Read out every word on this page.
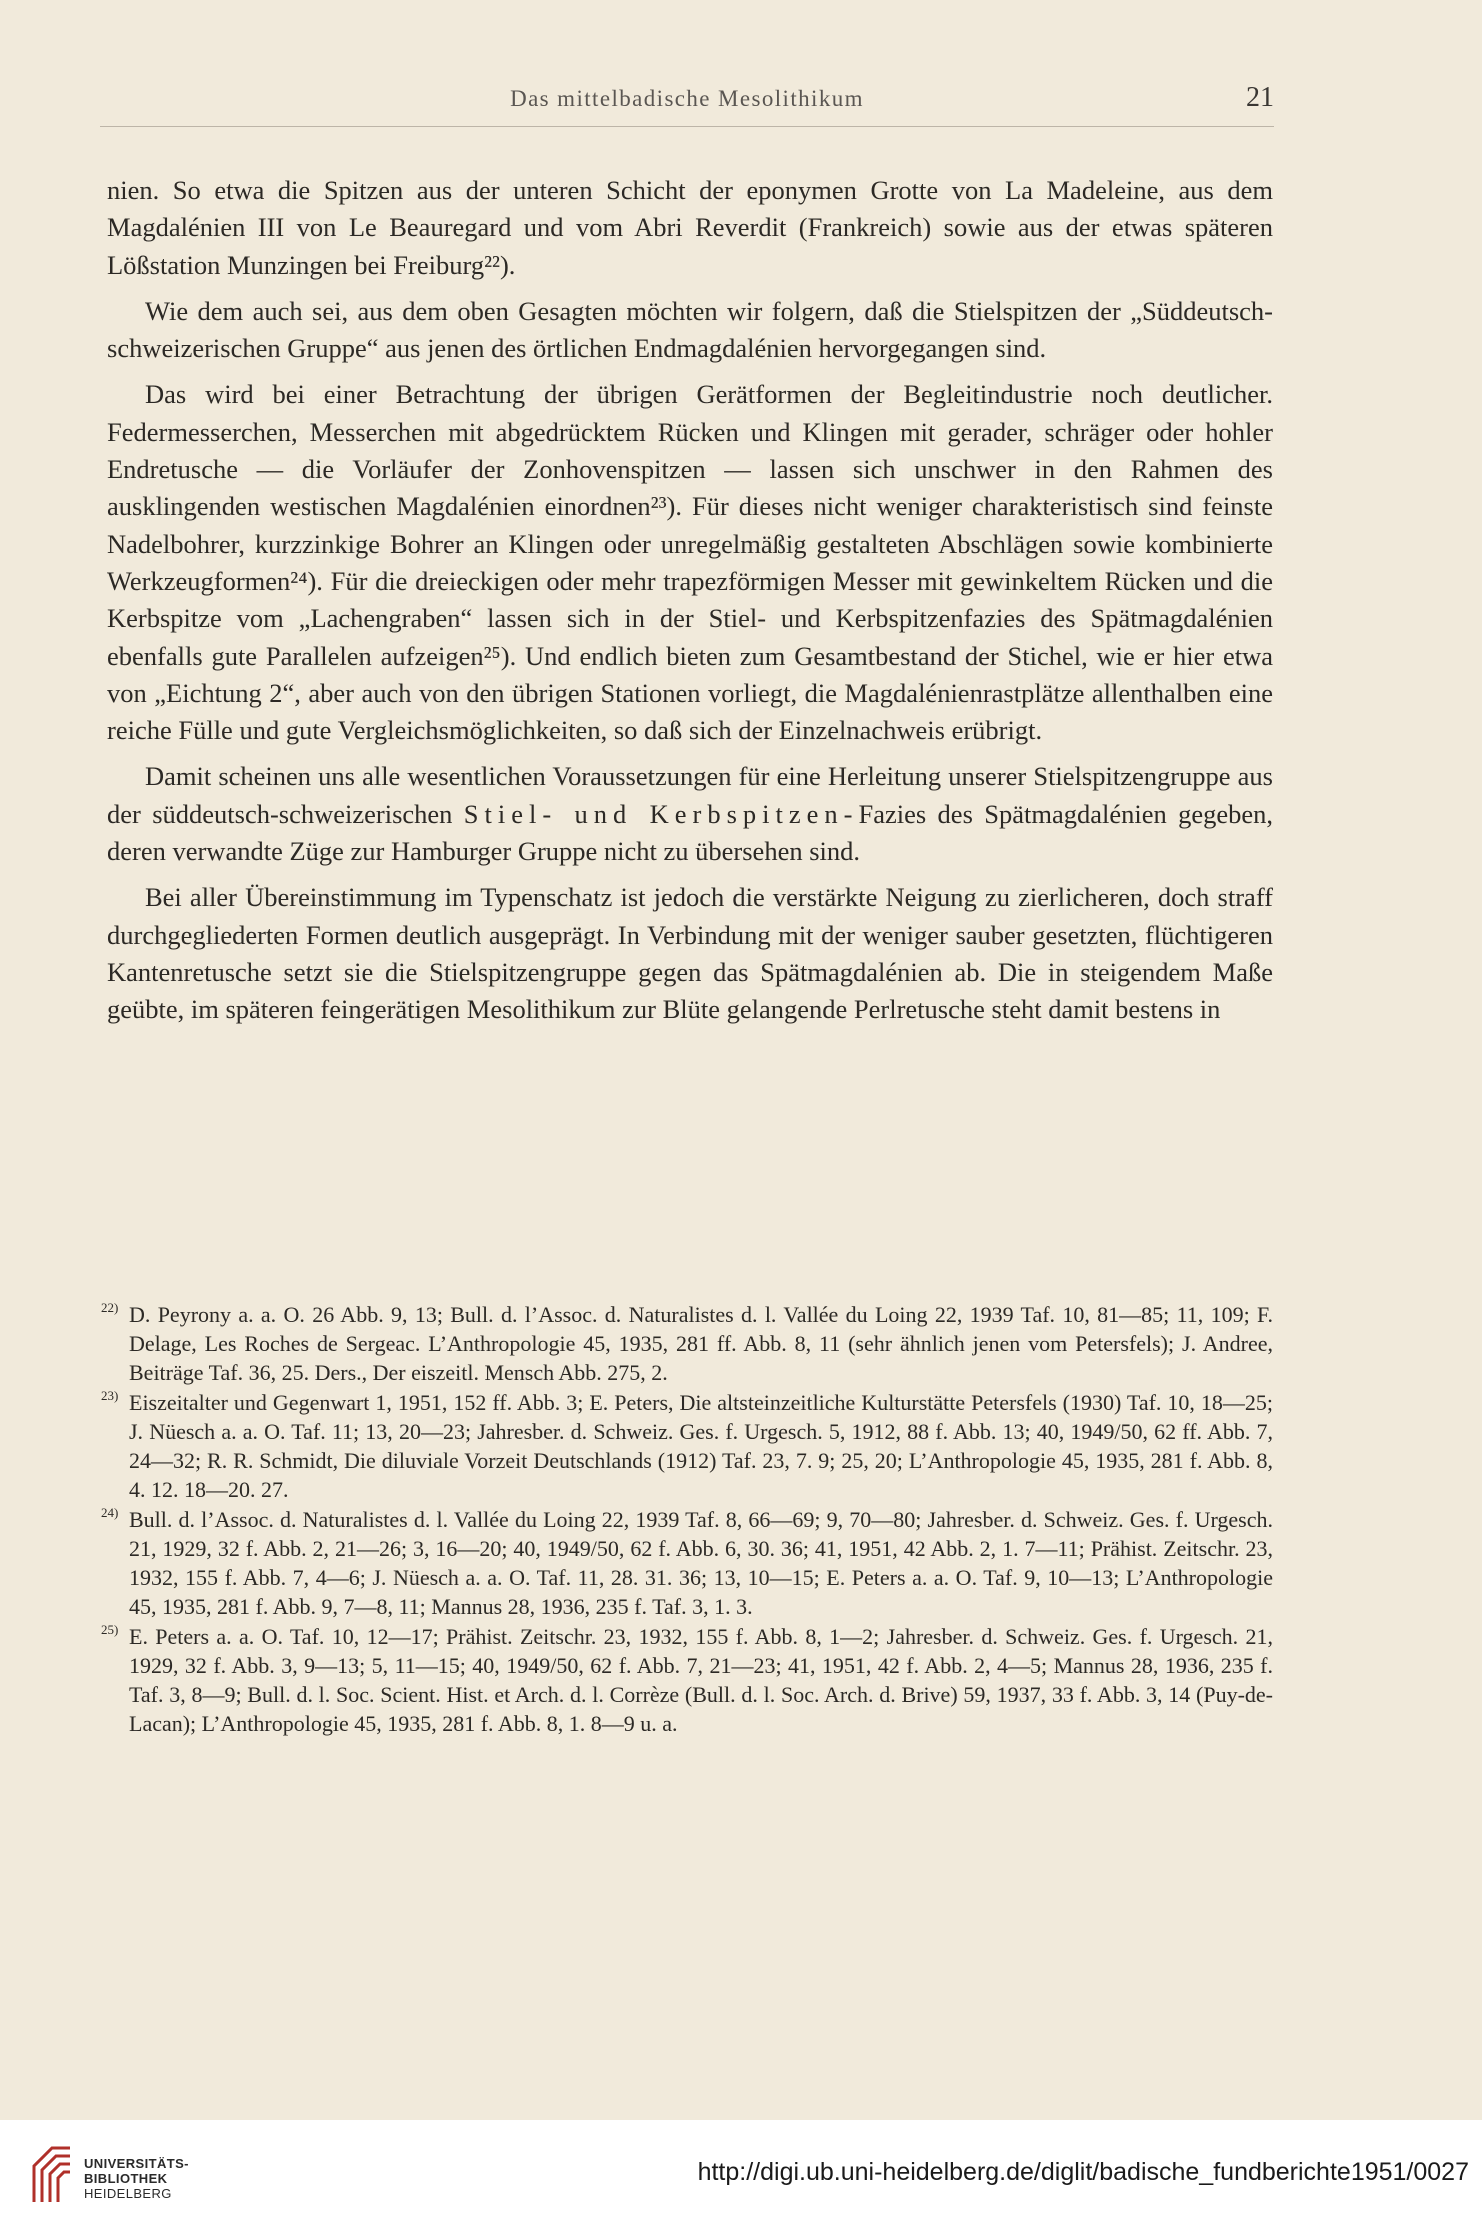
Das mittelbadische Mesolithikum	21

nien. So etwa die Spitzen aus der unteren Schicht der eponymen Grotte von La Madeleine, aus dem Magdalénien III von Le Beauregard und vom Abri Reverdit (Frankreich) sowie aus der etwas späteren Lößstation Munzingen bei Freiburg²²).

Wie dem auch sei, aus dem oben Gesagten möchten wir folgern, daß die Stielspitzen der „Süddeutsch-schweizerischen Gruppe“ aus jenen des örtlichen Endmagdalénien hervorgegangen sind.

Das wird bei einer Betrachtung der übrigen Gerätformen der Begleitindustrie noch deutlicher. Federmesserchen, Messerchen mit abgedrücktem Rücken und Klingen mit gerader, schräger oder hohler Endretusche — die Vorläufer der Zonhovenspitzen — lassen sich unschwer in den Rahmen des ausklingenden westischen Magdalénien einordnen²³). Für dieses nicht weniger charakteristisch sind feinste Nadelbohrer, kurzzinkige Bohrer an Klingen oder unregelmäßig gestalteten Abschlägen sowie kombinierte Werkzeugformen²⁴). Für die dreieckigen oder mehr trapezförmigen Messer mit gewinkeltem Rücken und die Kerbspitze vom „Lachengraben“ lassen sich in der Stiel- und Kerbspitzenfazies des Spätmagdalénien ebenfalls gute Parallelen aufzeigen²⁵). Und endlich bieten zum Gesamtbestand der Stichel, wie er hier etwa von „Eichtung 2“, aber auch von den übrigen Stationen vorliegt, die Magdalénienrastplätze allenthalben eine reiche Fülle und gute Vergleichsmöglichkeiten, so daß sich der Einzelnachweis erübrigt.

Damit scheinen uns alle wesentlichen Voraussetzungen für eine Herleitung unserer Stielspitzengruppe aus der süddeutsch-schweizerischen Stiel- und Kerbspitzen-Fazies des Spätmagdalénien gegeben, deren verwandte Züge zur Hamburger Gruppe nicht zu übersehen sind.

Bei aller Übereinstimmung im Typenschatz ist jedoch die verstärkte Neigung zu zierlicheren, doch straff durchgegliederten Formen deutlich ausgeprägt. In Verbindung mit der weniger sauber gesetzten, flüchtigeren Kantenretusche setzt sie die Stielspitzengruppe gegen das Spätmagdalénien ab. Die in steigendem Maße geübte, im späteren feingerätigen Mesolithikum zur Blüte gelangende Perlretusche steht damit bestens in

22) D. Peyrony a. a. O. 26 Abb. 9, 13; Bull. d. l’Assoc. d. Naturalistes d. l. Vallée du Loing 22, 1939 Taf. 10, 81—85; 11, 109; F. Delage, Les Roches de Sergeac. L’Anthropologie 45, 1935, 281 ff. Abb. 8, 11 (sehr ähnlich jenen vom Petersfels); J. Andree, Beiträge Taf. 36, 25. Ders., Der eiszeitl. Mensch Abb. 275, 2.
23) Eiszeitalter und Gegenwart 1, 1951, 152 ff. Abb. 3; E. Peters, Die altsteinzeitliche Kulturstätte Petersfels (1930) Taf. 10, 18—25; J. Nüesch a. a. O. Taf. 11; 13, 20—23; Jahresber. d. Schweiz. Ges. f. Urgesch. 5, 1912, 88 f. Abb. 13; 40, 1949/50, 62 ff. Abb. 7, 24—32; R. R. Schmidt, Die diluviale Vorzeit Deutschlands (1912) Taf. 23, 7. 9; 25, 20; L’Anthropologie 45, 1935, 281 f. Abb. 8, 4. 12. 18—20. 27.
24) Bull. d. l’Assoc. d. Naturalistes d. l. Vallée du Loing 22, 1939 Taf. 8, 66—69; 9, 70—80; Jahresber. d. Schweiz. Ges. f. Urgesch. 21, 1929, 32 f. Abb. 2, 21—26; 3, 16—20; 40, 1949/50, 62 f. Abb. 6, 30. 36; 41, 1951, 42 Abb. 2, 1. 7—11; Prähist. Zeitschr. 23, 1932, 155 f. Abb. 7, 4—6; J. Nüesch a. a. O. Taf. 11, 28. 31. 36; 13, 10—15; E. Peters a. a. O. Taf. 9, 10—13; L’Anthropologie 45, 1935, 281 f. Abb. 9, 7—8, 11; Mannus 28, 1936, 235 f. Taf. 3, 1. 3.
25) E. Peters a. a. O. Taf. 10, 12—17; Prähist. Zeitschr. 23, 1932, 155 f. Abb. 8, 1—2; Jahresber. d. Schweiz. Ges. f. Urgesch. 21, 1929, 32 f. Abb. 3, 9—13; 5, 11—15; 40, 1949/50, 62 f. Abb. 7, 21—23; 41, 1951, 42 f. Abb. 2, 4—5; Mannus 28, 1936, 235 f. Taf. 3, 8—9; Bull. d. l. Soc. Scient. Hist. et Arch. d. l. Corrèze (Bull. d. l. Soc. Arch. d. Brive) 59, 1937, 33 f. Abb. 3, 14 (Puy-de-Lacan); L’Anthropologie 45, 1935, 281 f. Abb. 8, 1. 8—9 u. a.
UNIVERSITÄTS-
BIBLIOTHEK
HEIDELBERG
http://digi.ub.uni-heidelberg.de/diglit/badische_fundberichte1951/0027
